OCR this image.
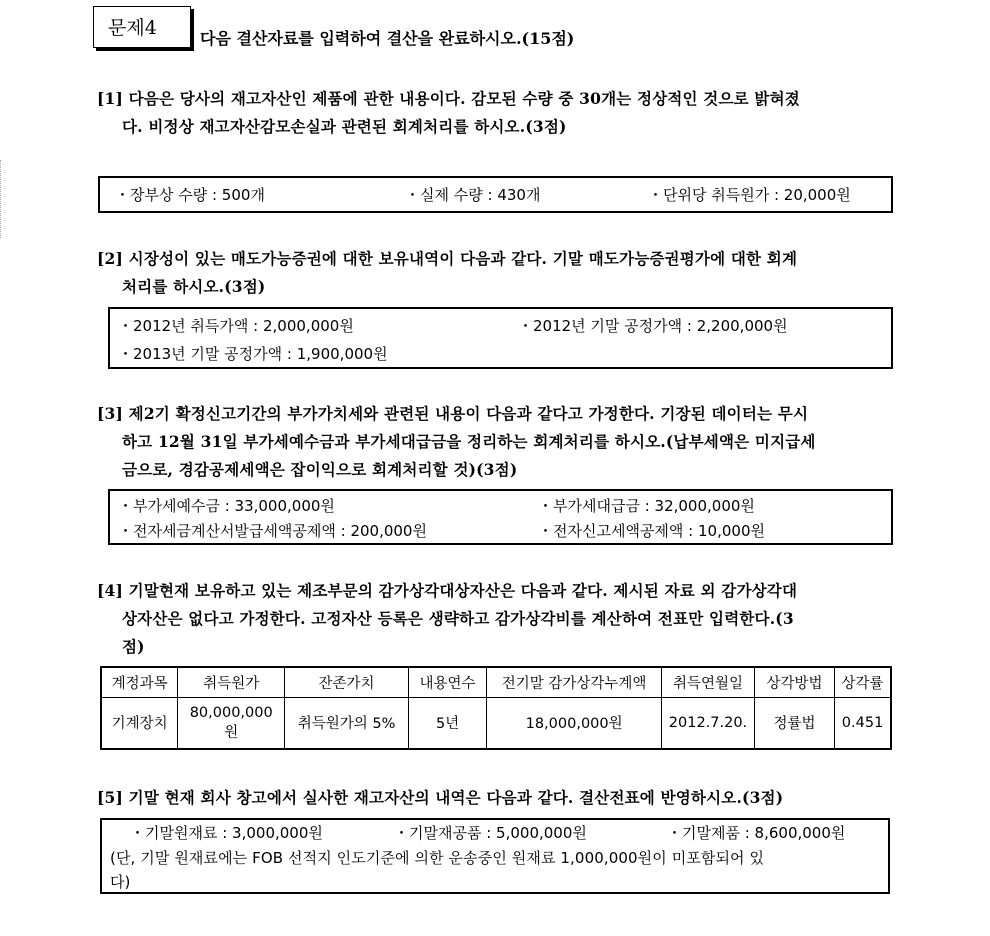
문제4	다음 결산자료를 입력하여 결산을 완료하시오.(15점)
[1] 다음은 당사의 재고자산인 제품에 관한 내용이다. 감모된 수량 중 30개는 정상적인 것으로 밝혀졌
다. 비정상 재고자산감모손실과 관련된 회계처리를 하시오.(3점)
・장부상 수량 : 500개	・실제 수량 : 430개	・단위당 취득원가 : 20,000원
[2] 시장성이 있는 매도가능증권에 대한 보유내역이 다음과 같다. 기말 매도가능증권평가에 대한 회계
처리를 하시오.(3점)
・2012년 취득가액 : 2,000,000원	・2012년 기말 공정가액 : 2,200,000원
・2013년 기말 공정가액 : 1,900,000원
[3] 제2기 확정신고기간의 부가가치세와 관련된 내용이 다음과 같다고 가정한다. 기장된 데이터는 무시
하고 12월 31일 부가세예수금과 부가세대급금을 정리하는 회계처리를 하시오.(납부세액은 미지급세
금으로, 경감공제세액은 잡이익으로 회계처리할 것)(3점)
・부가세예수금 : 33,000,000원	・부가세대급금 : 32,000,000원
・전자세금계산서발급세액공제액 : 200,000원	・전자신고세액공제액 : 10,000원
[4] 기말현재 보유하고 있는 제조부문의 감가상각대상자산은 다음과 같다. 제시된 자료 외 감가상각대
상자산은 없다고 가정한다. 고정자산 등록은 생략하고 감가상각비를 계산하여 전표만 입력한다.(3
점)
계정과목	취득원가	잔존가치	내용연수	전기말 감가상각누계액	취득연월일	상각방법	상각률
기계장치	80,000,000원	취득원가의 5%	5년	18,000,000원	2012.7.20.	정률법	0.451
[5] 기말 현재 회사 창고에서 실사한 재고자산의 내역은 다음과 같다. 결산전표에 반영하시오.(3점)
・기말원재료 : 3,000,000원	・기말재공품 : 5,000,000원	・기말제품 : 8,600,000원
(단, 기말 원재료에는 FOB 선적지 인도기준에 의한 운송중인 원재료 1,000,000원이 미포함되어 있
다)
